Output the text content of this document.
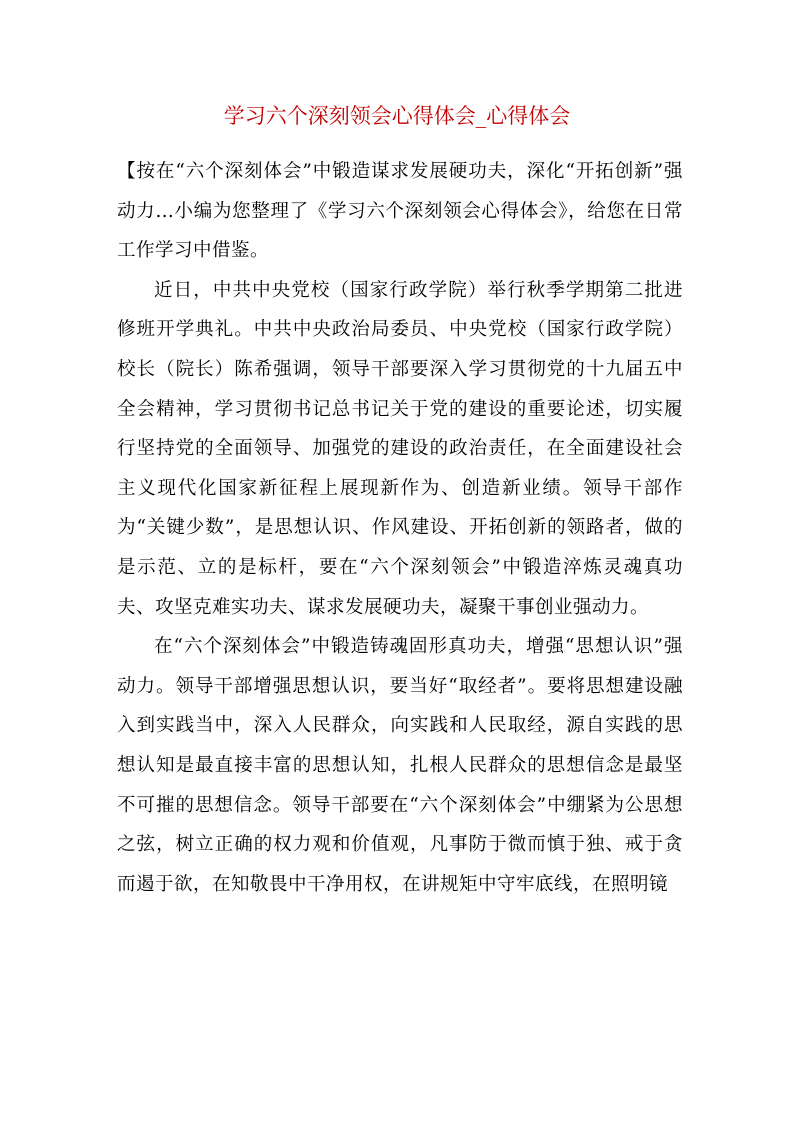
学习六个深刻领会心得体会_心得体会

【按在“六个深刻体会”中锻造谋求发展硬功夫，深化“开拓创新”强动力…小编为您整理了《学习六个深刻领会心得体会》，给您在日常工作学习中借鉴。

近日，中共中央党校（国家行政学院）举行秋季学期第二批进修班开学典礼。中共中央政治局委员、中央党校（国家行政学院）校长（院长）陈希强调，领导干部要深入学习贯彻党的十九届五中全会精神，学习贯彻书记总书记关于党的建设的重要论述，切实履行坚持党的全面领导、加强党的建设的政治责任，在全面建设社会主义现代化国家新征程上展现新作为、创造新业绩。领导干部作为“关键少数”，是思想认识、作风建设、开拓创新的领路者，做的是示范、立的是标杆，要在“六个深刻领会”中锻造淬炼灵魂真功夫、攻坚克难实功夫、谋求发展硬功夫，凝聚干事创业强动力。

在“六个深刻体会”中锻造铸魂固形真功夫，增强“思想认识”强动力。领导干部增强思想认识，要当好“取经者”。要将思想建设融入到实践当中，深入人民群众，向实践和人民取经，源自实践的思想认知是最直接丰富的思想认知，扎根人民群众的思想信念是最坚不可摧的思想信念。领导干部要在“六个深刻体会”中绷紧为公思想之弦，树立正确的权力观和价值观，凡事防于微而慎于独、戒于贪而遏于欲，在知敬畏中干净用权，在讲规矩中守牢底线，在照明镜
